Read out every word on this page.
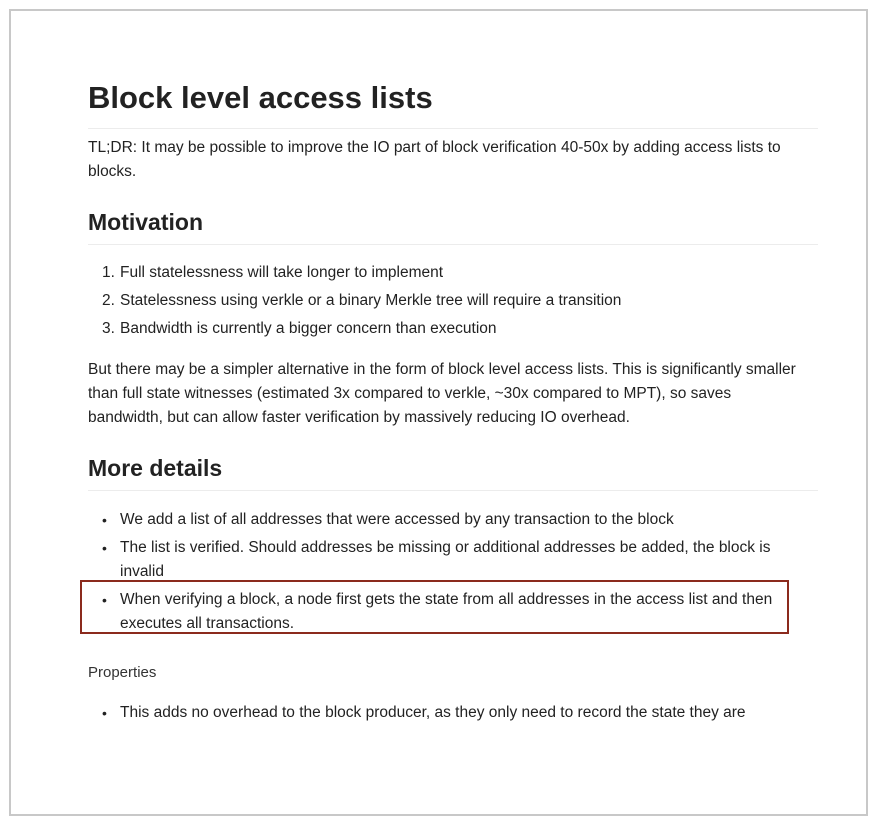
Block level access lists

TL;DR: It may be possible to improve the IO part of block verification 40-50x by adding access lists to blocks.

Motivation
1. Full statelessness will take longer to implement
2. Statelessness using verkle or a binary Merkle tree will require a transition
3. Bandwidth is currently a bigger concern than execution

But there may be a simpler alternative in the form of block level access lists. This is significantly smaller than full state witnesses (estimated 3x compared to verkle, ~30x compared to MPT), so saves bandwidth, but can allow faster verification by massively reducing IO overhead.

More details
• We add a list of all addresses that were accessed by any transaction to the block
• The list is verified. Should addresses be missing or additional addresses be added, the block is invalid
• When verifying a block, a node first gets the state from all addresses in the access list and then executes all transactions.

Properties

• This adds no overhead to the block producer, as they only need to record the state they are
